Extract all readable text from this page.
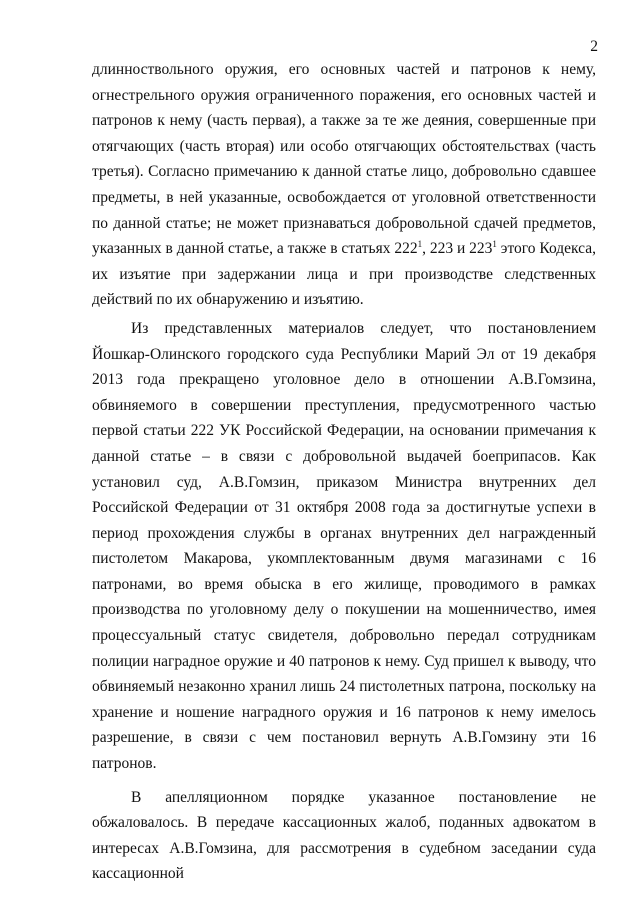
2

длинноствольного оружия, его основных частей и патронов к нему, огнестрельного оружия ограниченного поражения, его основных частей и патронов к нему (часть первая), а также за те же деяния, совершенные при отягчающих (часть вторая) или особо отягчающих обстоятельствах (часть третья). Согласно примечанию к данной статье лицо, добровольно сдавшее предметы, в ней указанные, освобождается от уголовной ответственности по данной статье; не может признаваться добровольной сдачей предметов, указанных в данной статье, а также в статьях $222^1$, 223 и $223^1$ этого Кодекса, их изъятие при задержании лица и при производстве следственных действий по их обнаружению и изъятию.

Из представленных материалов следует, что постановлением Йошкар-Олинского городского суда Республики Марий Эл от 19 декабря 2013 года прекращено уголовное дело в отношении А.В.Гомзина, обвиняемого в совершении преступления, предусмотренного частью первой статьи 222 УК Российской Федерации, на основании примечания к данной статье – в связи с добровольной выдачей боеприпасов. Как установил суд, А.В.Гомзин, приказом Министра внутренних дел Российской Федерации от 31 октября 2008 года за достигнутые успехи в период прохождения службы в органах внутренних дел награжденный пистолетом Макарова, укомплектованным двумя магазинами с 16 патронами, во время обыска в его жилище, проводимого в рамках производства по уголовному делу о покушении на мошенничество, имея процессуальный статус свидетеля, добровольно передал сотрудникам полиции наградное оружие и 40 патронов к нему. Суд пришел к выводу, что обвиняемый незаконно хранил лишь 24 пистолетных патрона, поскольку на хранение и ношение наградного оружия и 16 патронов к нему имелось разрешение, в связи с чем постановил вернуть А.В.Гомзину эти 16 патронов.

В апелляционном порядке указанное постановление не обжаловалось. В передаче кассационных жалоб, поданных адвокатом в интересах А.В.Гомзина, для рассмотрения в судебном заседании суда кассационной
